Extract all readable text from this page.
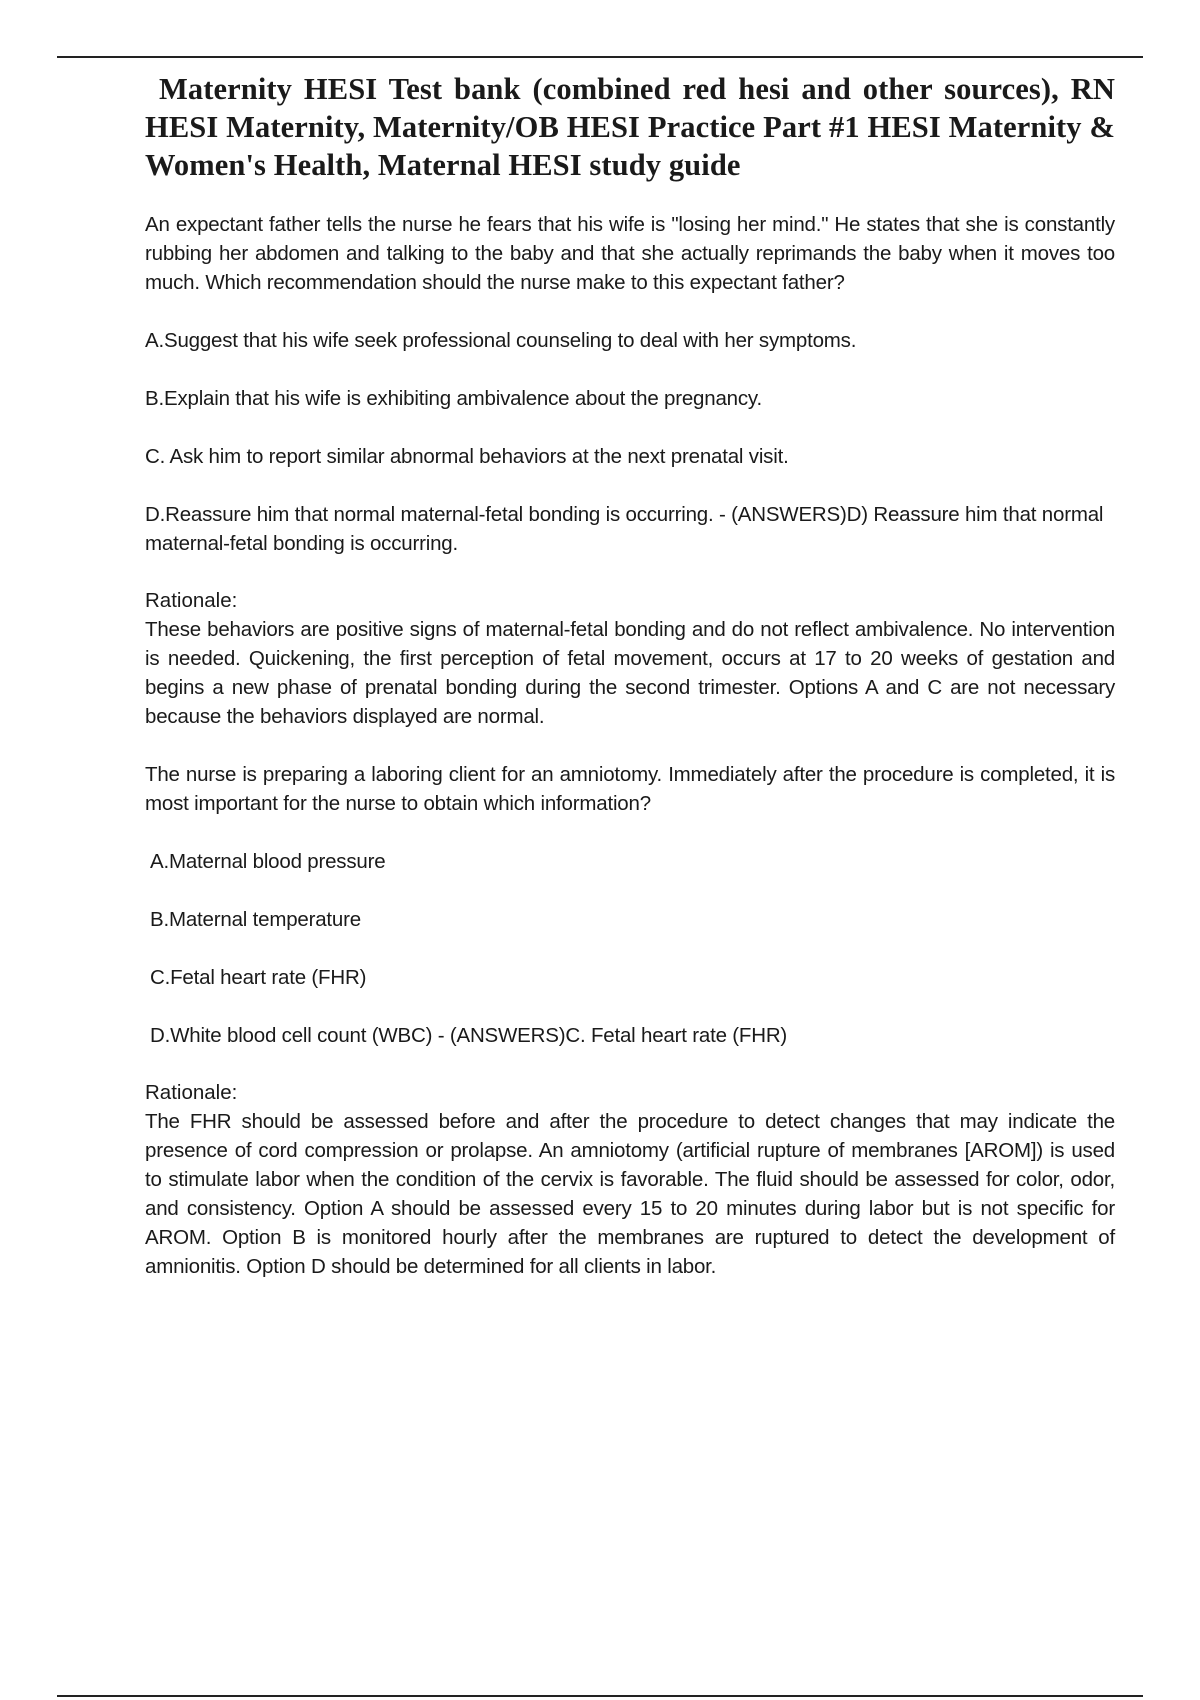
Maternity HESI Test bank (combined red hesi and other sources), RN HESI Maternity, Maternity/OB HESI Practice Part #1 HESI Maternity & Women's Health, Maternal HESI study guide

An expectant father tells the nurse he fears that his wife is "losing her mind." He states that she is constantly rubbing her abdomen and talking to the baby and that she actually reprimands the baby when it moves too much. Which recommendation should the nurse make to this expectant father?

A.Suggest that his wife seek professional counseling to deal with her symptoms.

B.Explain that his wife is exhibiting ambivalence about the pregnancy.

C. Ask him to report similar abnormal behaviors at the next prenatal visit.

D.Reassure him that normal maternal-fetal bonding is occurring. - (ANSWERS)D) Reassure him that normal maternal-fetal bonding is occurring.

Rationale:

These behaviors are positive signs of maternal-fetal bonding and do not reflect ambivalence. No intervention is needed. Quickening, the first perception of fetal movement, occurs at 17 to 20 weeks of gestation and begins a new phase of prenatal bonding during the second trimester. Options A and C are not necessary because the behaviors displayed are normal.

The nurse is preparing a laboring client for an amniotomy. Immediately after the procedure is completed, it is most important for the nurse to obtain which information?

A.Maternal blood pressure

B.Maternal temperature

C.Fetal heart rate (FHR)

D.White blood cell count (WBC) - (ANSWERS)C. Fetal heart rate (FHR)

Rationale:

The FHR should be assessed before and after the procedure to detect changes that may indicate the presence of cord compression or prolapse. An amniotomy (artificial rupture of membranes [AROM]) is used to stimulate labor when the condition of the cervix is favorable. The fluid should be assessed for color, odor, and consistency. Option A should be assessed every 15 to 20 minutes during labor but is not specific for AROM. Option B is monitored hourly after the membranes are ruptured to detect the development of amnionitis. Option D should be determined for all clients in labor.
